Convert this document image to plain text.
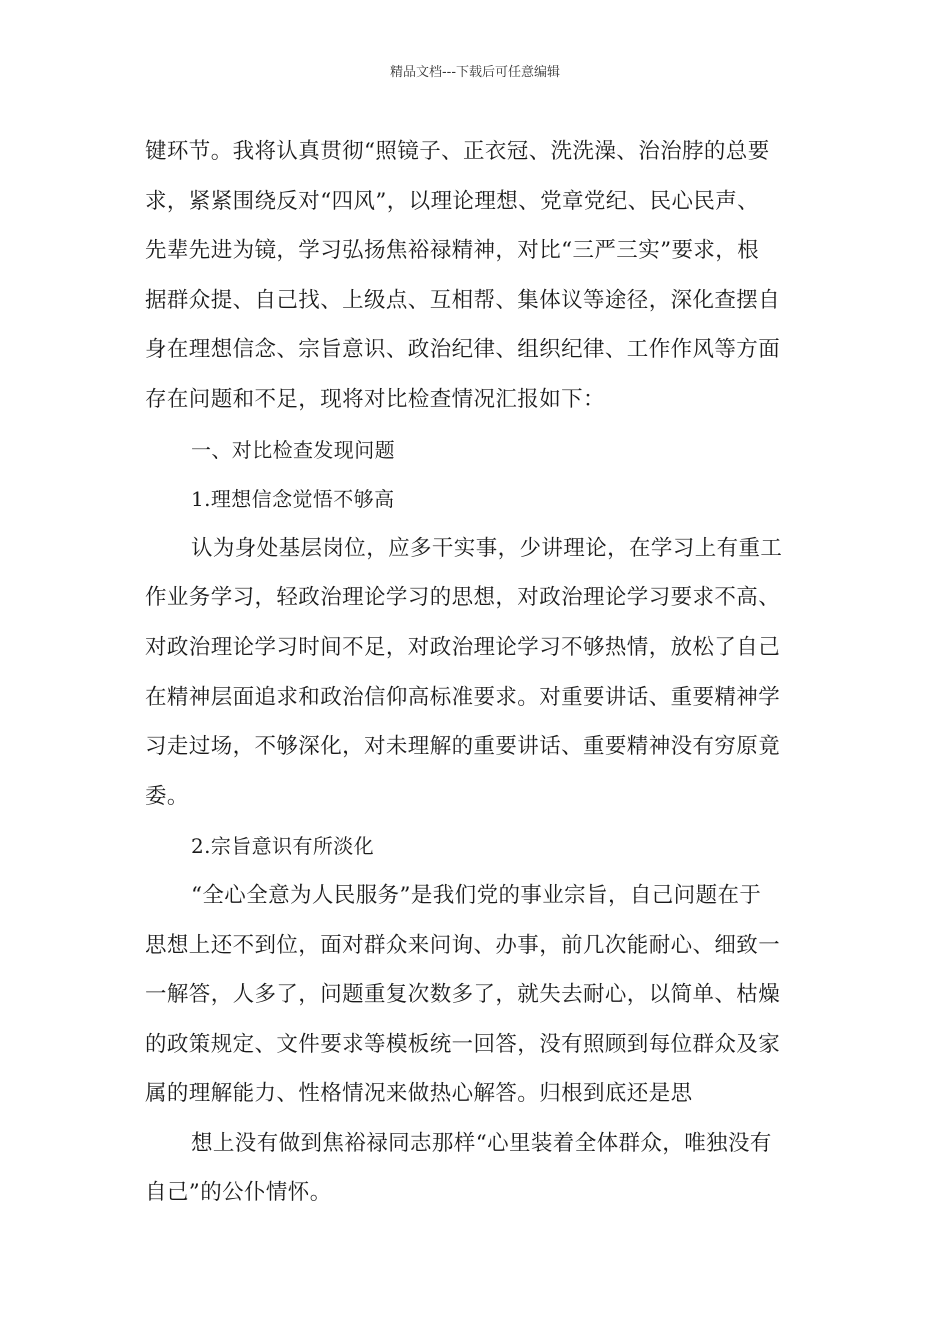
精品文档---下载后可任意编辑
键环节。我将认真贯彻“照镜子、正衣冠、洗洗澡、治治脖的总要
求，紧紧围绕反对“四风”，以理论理想、党章党纪、民心民声、
先辈先进为镜，学习弘扬焦裕禄精神，对比“三严三实”要求，根
据群众提、自己找、上级点、互相帮、集体议等途径，深化查摆自
身在理想信念、宗旨意识、政治纪律、组织纪律、工作作风等方面
存在问题和不足，现将对比检查情况汇报如下：
一、对比检查发现问题
1.理想信念觉悟不够高
认为身处基层岗位，应多干实事，少讲理论，在学习上有重工
作业务学习，轻政治理论学习的思想，对政治理论学习要求不高、
对政治理论学习时间不足，对政治理论学习不够热情，放松了自己
在精神层面追求和政治信仰高标准要求。对重要讲话、重要精神学
习走过场，不够深化，对未理解的重要讲话、重要精神没有穷原竟
委。
2.宗旨意识有所淡化
“全心全意为人民服务”是我们党的事业宗旨，自己问题在于
思想上还不到位，面对群众来问询、办事，前几次能耐心、细致一
一解答，人多了，问题重复次数多了，就失去耐心，以简单、枯燥
的政策规定、文件要求等模板统一回答，没有照顾到每位群众及家
属的理解能力、性格情况来做热心解答。归根到底还是思
想上没有做到焦裕禄同志那样“心里装着全体群众，唯独没有
自己”的公仆情怀。
